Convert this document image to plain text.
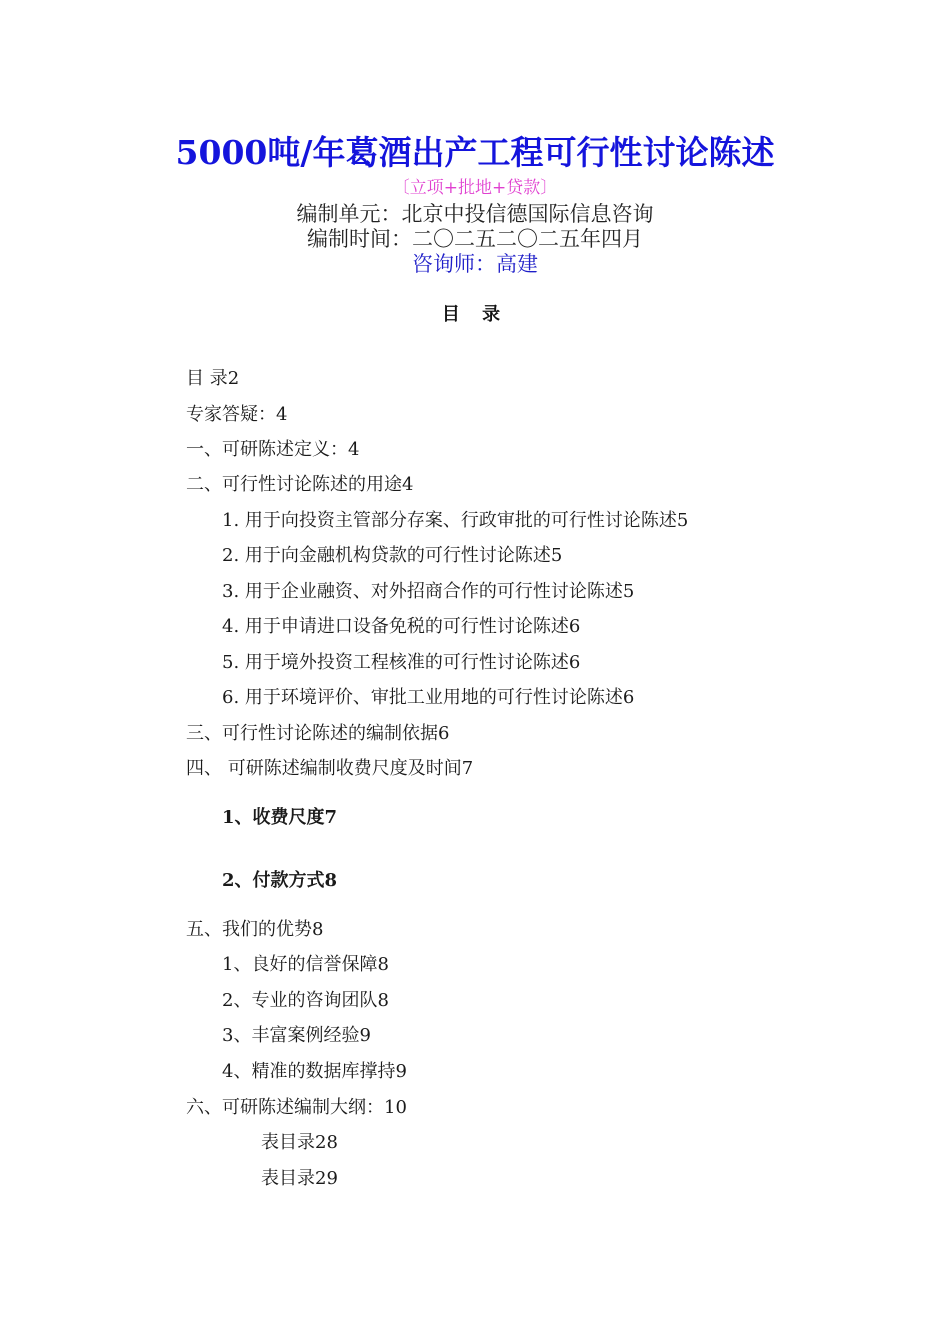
5000吨/年葛酒出产工程可行性讨论陈述
〔立项+批地+贷款〕
编制单元：北京中投信德国际信息咨询
编制时间：二〇二五二〇二五年四月
咨询师：高建
目 录
目 录2
专家答疑：4
一、可研陈述定义：4
二、可行性讨论陈述的用途4
1. 用于向投资主管部分存案、行政审批的可行性讨论陈述5
2. 用于向金融机构贷款的可行性讨论陈述5
3. 用于企业融资、对外招商合作的可行性讨论陈述5
4. 用于申请进口设备免税的可行性讨论陈述6
5. 用于境外投资工程核准的可行性讨论陈述6
6. 用于环境评价、审批工业用地的可行性讨论陈述6
三、可行性讨论陈述的编制依据6
四、 可研陈述编制收费尺度及时间7
1、收费尺度7
2、付款方式8
五、我们的优势8
1、良好的信誉保障8
2、专业的咨询团队8
3、丰富案例经验9
4、精准的数据库撑持9
六、可研陈述编制大纲：10
表目录28
表目录29
